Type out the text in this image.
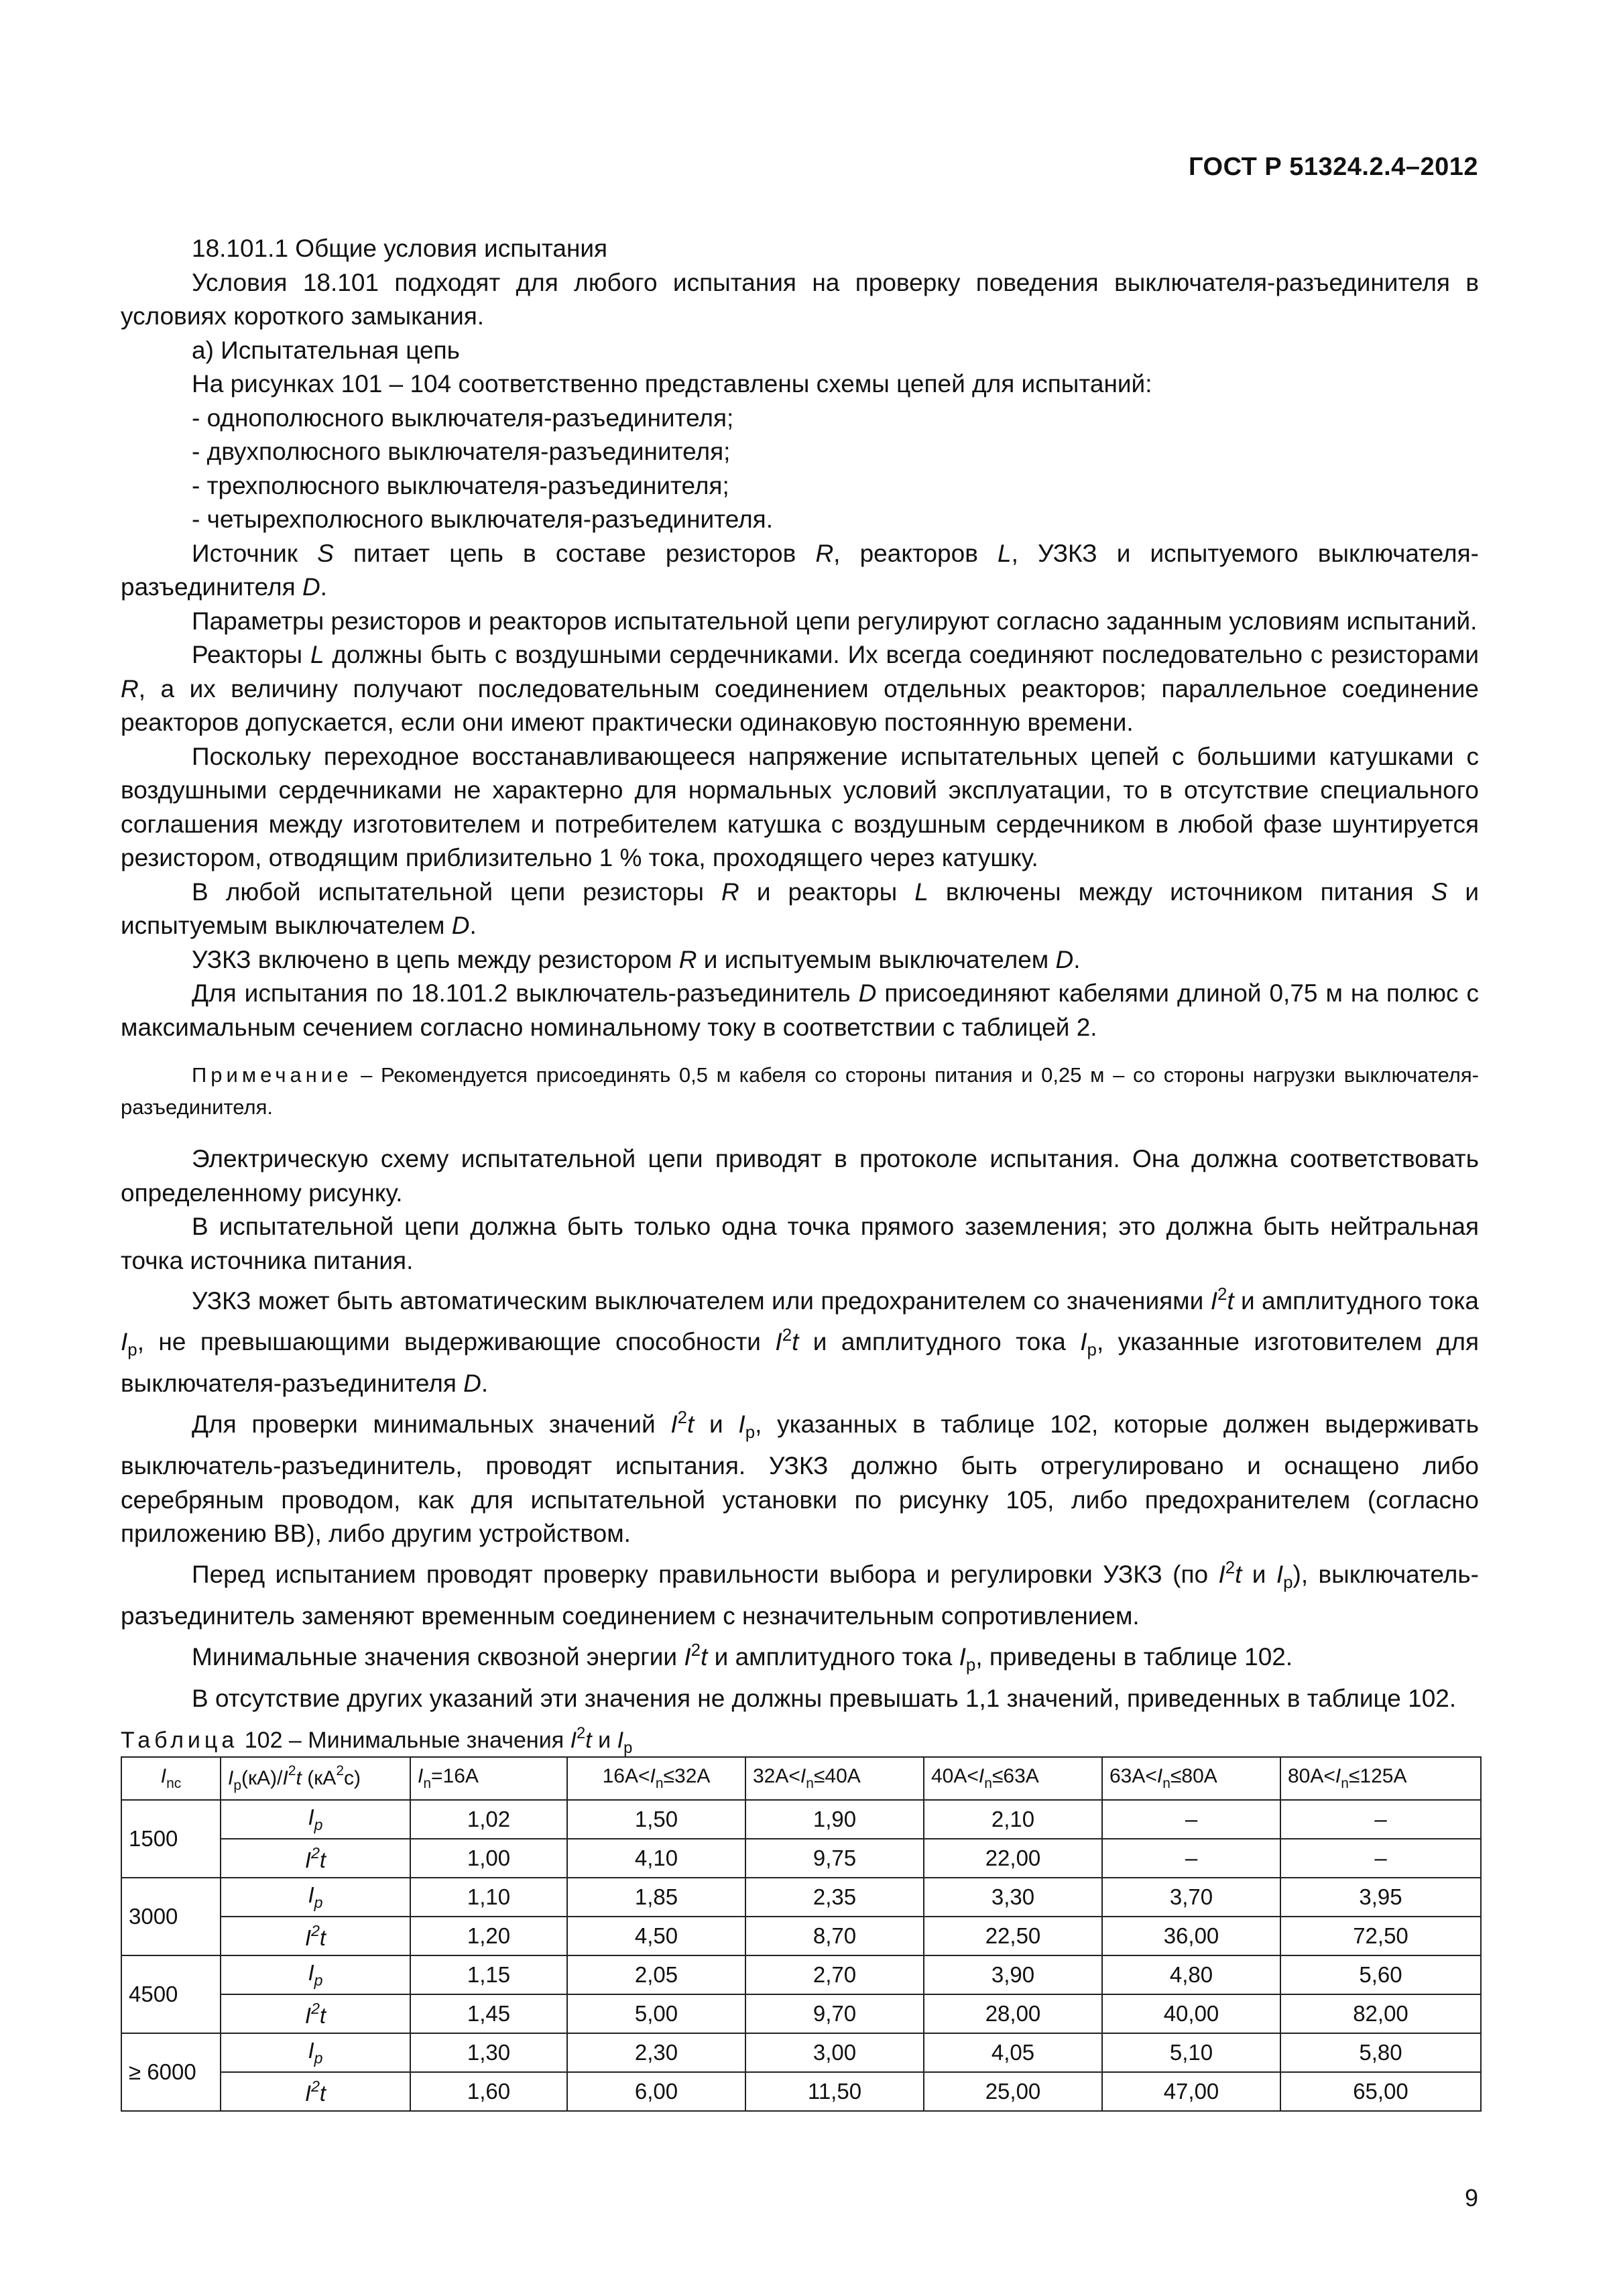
ГОСТ Р 51324.2.4–2012

18.101.1 Общие условия испытания

Условия 18.101 подходят для любого испытания на проверку поведения выключателя-разъединителя в условиях короткого замыкания.

а) Испытательная цепь

На рисунках 101 – 104 соответственно представлены схемы цепей для испытаний:

- однополюсного выключателя-разъединителя;

- двухполюсного выключателя-разъединителя;

- трехполюсного выключателя-разъединителя;

- четырехполюсного выключателя-разъединителя.

Источник S питает цепь в составе резисторов R, реакторов L, УЗКЗ и испытуемого выключателя-разъединителя D.

Параметры резисторов и реакторов испытательной цепи регулируют согласно заданным условиям испытаний.

Реакторы L должны быть с воздушными сердечниками. Их всегда соединяют последовательно с резисторами R, а их величину получают последовательным соединением отдельных реакторов; параллельное соединение реакторов допускается, если они имеют практически одинаковую постоянную времени.

Поскольку переходное восстанавливающееся напряжение испытательных цепей с большими катушками с воздушными сердечниками не характерно для нормальных условий эксплуатации, то в отсутствие специального соглашения между изготовителем и потребителем катушка с воздушным сердечником в любой фазе шунтируется резистором, отводящим приблизительно 1 % тока, проходящего через катушку.

В любой испытательной цепи резисторы R и реакторы L включены между источником питания S и испытуемым выключателем D.

УЗКЗ включено в цепь между резистором R и испытуемым выключателем D.

Для испытания по 18.101.2 выключатель-разъединитель D присоединяют кабелями длиной 0,75 м на полюс с максимальным сечением согласно номинальному току в соответствии с таблицей 2.

Примечание – Рекомендуется присоединять 0,5 м кабеля со стороны питания и 0,25 м – со стороны нагрузки выключателя-разъединителя.

Электрическую схему испытательной цепи приводят в протоколе испытания. Она должна соответствовать определенному рисунку.

В испытательной цепи должна быть только одна точка прямого заземления; это должна быть нейтральная точка источника питания.

УЗКЗ может быть автоматическим выключателем или предохранителем со значениями $I^2t$ и амплитудного тока $I_p$, не превышающими выдерживающие способности $I^2t$ и амплитудного тока $I_p$, указанные изготовителем для выключателя-разъединителя D.

Для проверки минимальных значений $I^2t$ и $I_p$, указанных в таблице 102, которые должен выдерживать выключатель-разъединитель, проводят испытания. УЗКЗ должно быть отрегулировано и оснащено либо серебряным проводом, как для испытательной установки по рисунку 105, либо предохранителем (согласно приложению ВВ), либо другим устройством.

Перед испытанием проводят проверку правильности выбора и регулировки УЗКЗ (по $I^2t$ и $I_p$), выключатель-разъединитель заменяют временным соединением с незначительным сопротивлением.

Минимальные значения сквозной энергии $I^2t$ и амплитудного тока $I_p$, приведены в таблице 102.

В отсутствие других указаний эти значения не должны превышать 1,1 значений, приведенных в таблице 102.

Таблица 102 – Минимальные значения $I^2t$ и $I_p$
$I_{nc}$	$I_p(кА)/I^2t$ $(кА^2с)$	$I_n=16А$	$16А<I_n\le 32А$	$32А<I_n\le 40А$	$40А<I_n\le 63А$	$63А<I_n\le 80А$	$80А<I_n\le 125А$
1500	$I_p$	1,02	1,50	1,90	2,10	–	–
	$I^2t$	1,00	4,10	9,75	22,00	–	–
3000	$I_p$	1,10	1,85	2,35	3,30	3,70	3,95
	$I^2t$	1,20	4,50	8,70	22,50	36,00	72,50
4500	$I_p$	1,15	2,05	2,70	3,90	4,80	5,60
	$I^2t$	1,45	5,00	9,70	28,00	40,00	82,00
≥ 6000	$I_p$	1,30	2,30	3,00	4,05	5,10	5,80
	$I^2t$	1,60	6,00	11,50	25,00	47,00	65,00
9
